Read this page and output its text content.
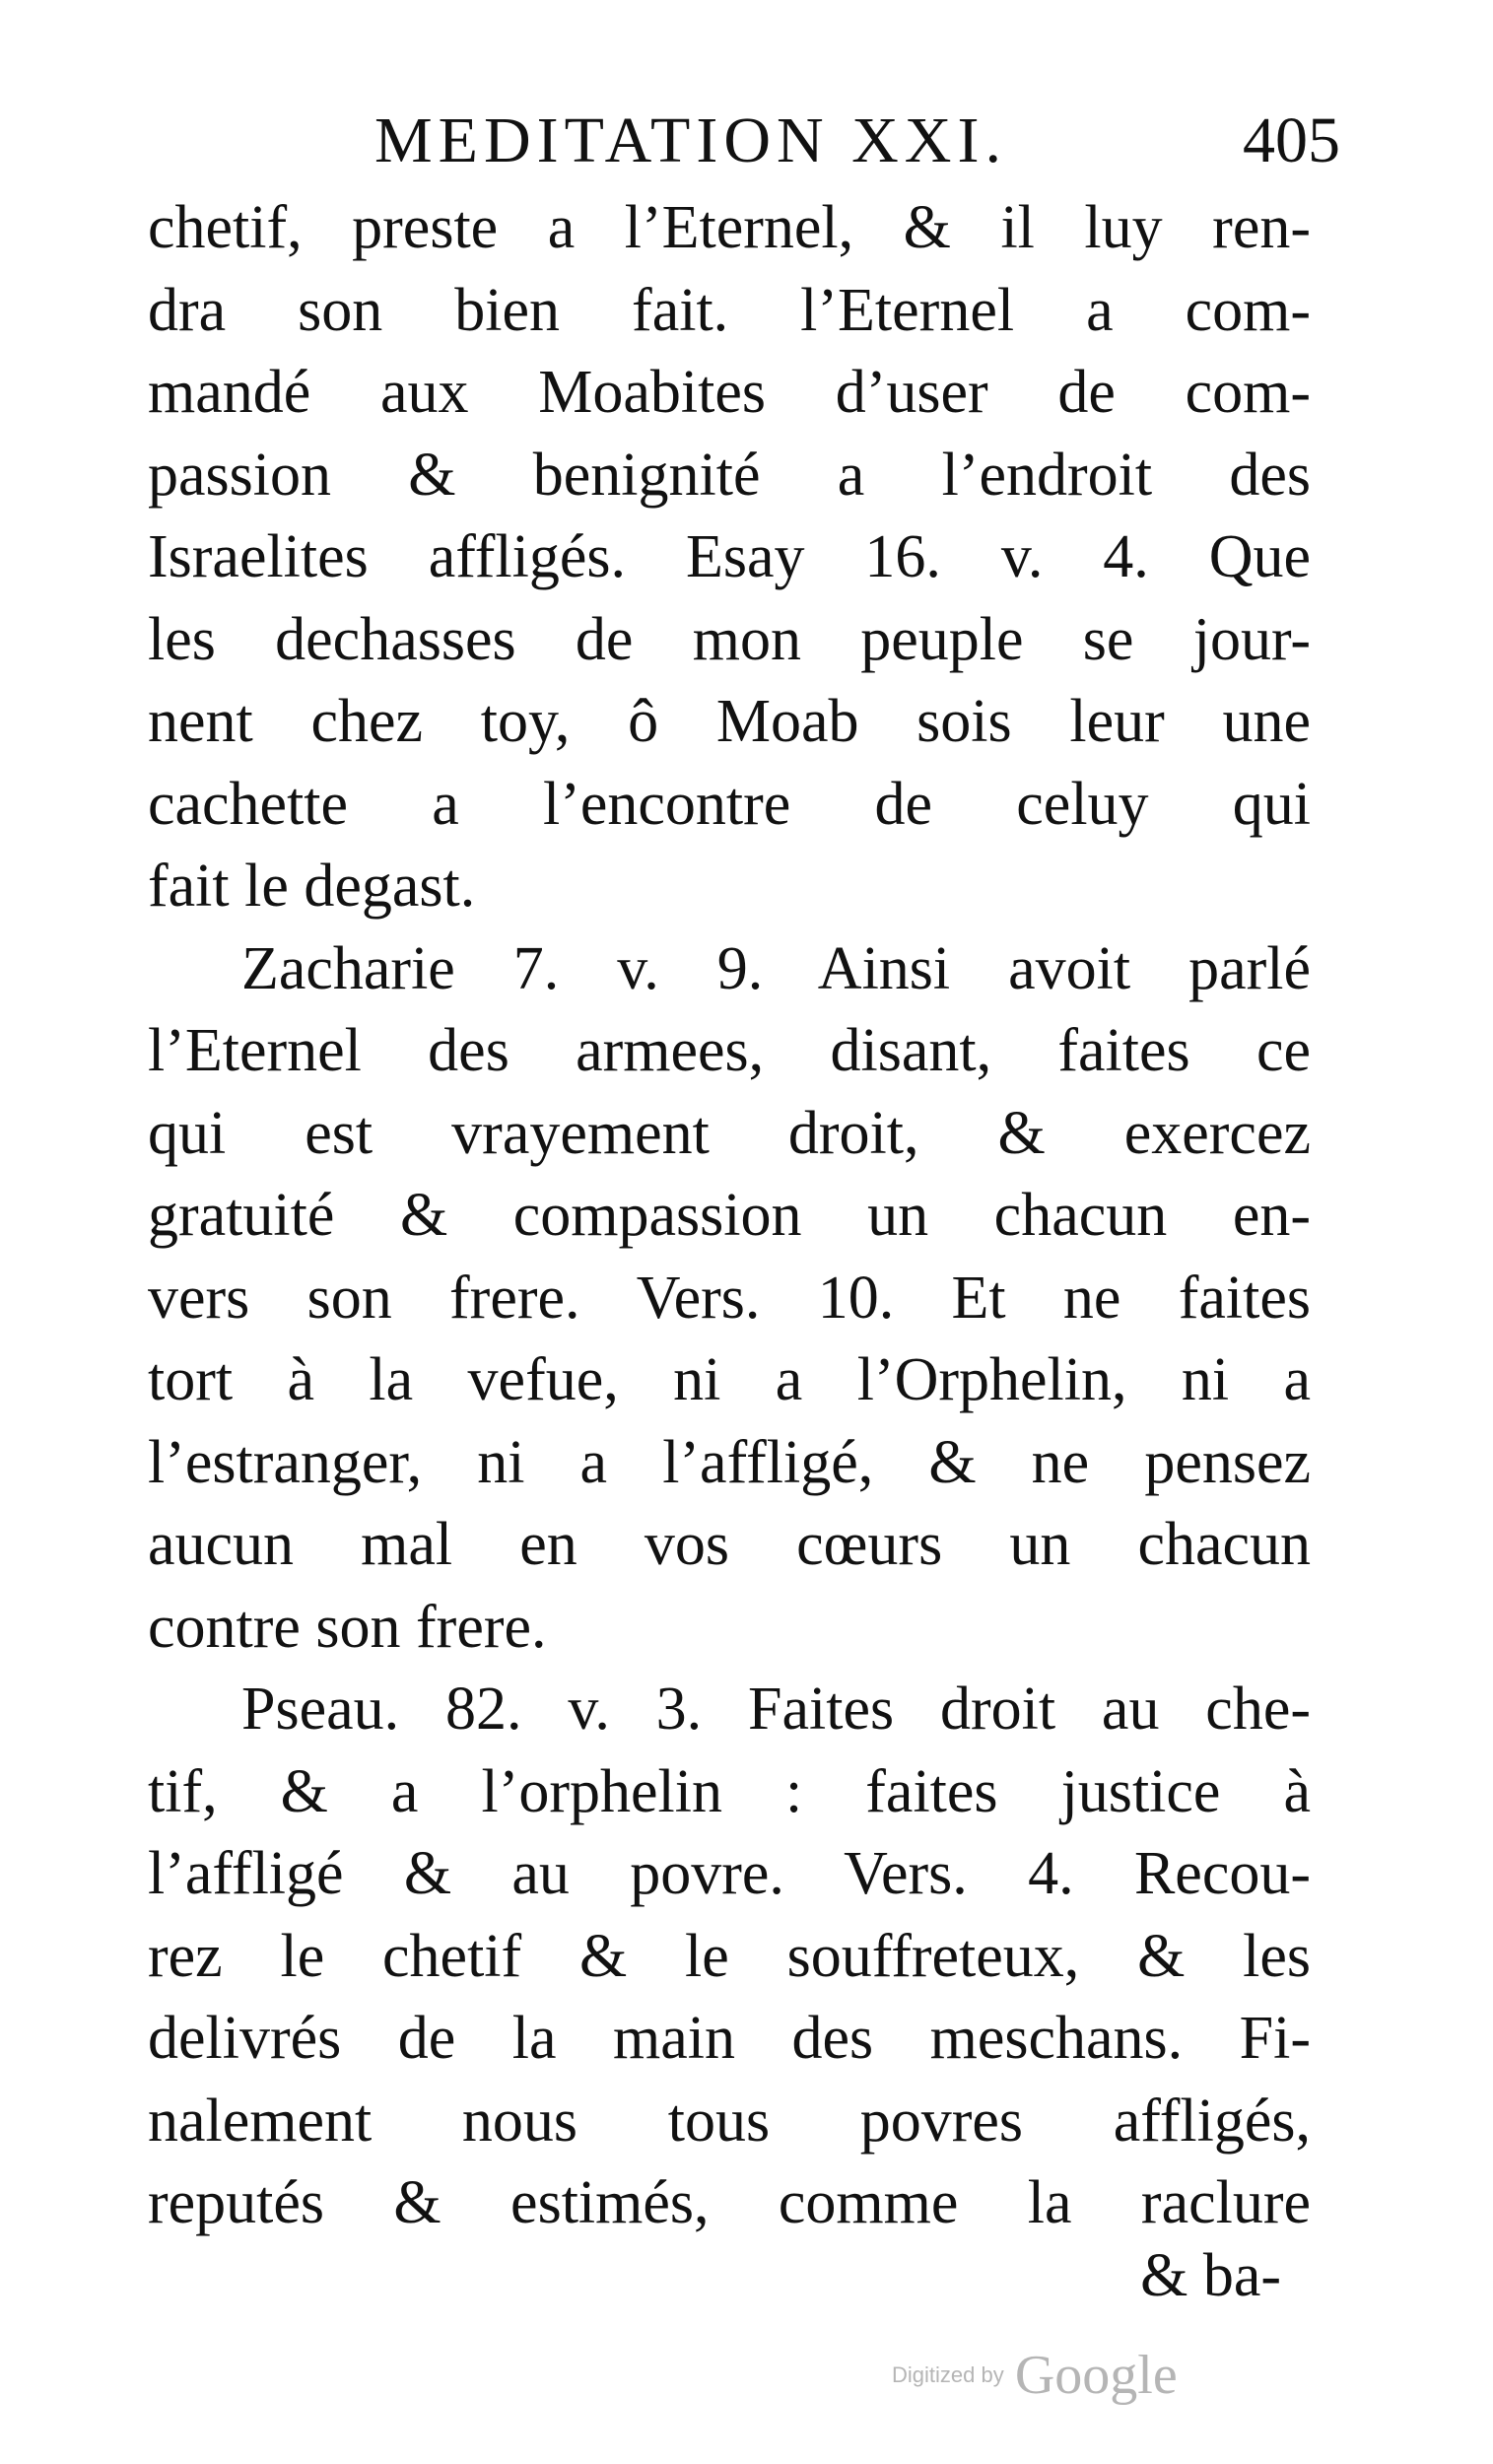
MEDITATION XXI.	405
chetif, preste a l’Eternel, & il luy ren-
dra son bien fait. l’Eternel a com-
mandé aux Moabites d’user de com-
passion & benignité a l’endroit des
Israelites affligés. Esay 16. v. 4. Que
les dechasses de mon peuple se jour-
nent chez toy, ô Moab sois leur une
cachette a l’encontre de celuy qui
fait le degast.
Zacharie 7. v. 9. Ainsi avoit parlé
l’Eternel des armees, disant, faites ce
qui est vrayement droit, & exercez
gratuité & compassion un chacun en-
vers son frere. Vers. 10. Et ne faites
tort à la vefue, ni a l’Orphelin, ni a
l’estranger, ni a l’affligé, & ne pensez
aucun mal en vos cœurs un chacun
contre son frere.
Pseau. 82. v. 3. Faites droit au che-
tif, & a l’orphelin : faites justice à
l’affligé & au povre. Vers. 4. Recou-
rez le chetif & le souffreteux, & les
delivrés de la main des meschans. Fi-
nalement nous tous povres affligés,
reputés & estimés, comme la raclure
& ba-
Digitized by Google
